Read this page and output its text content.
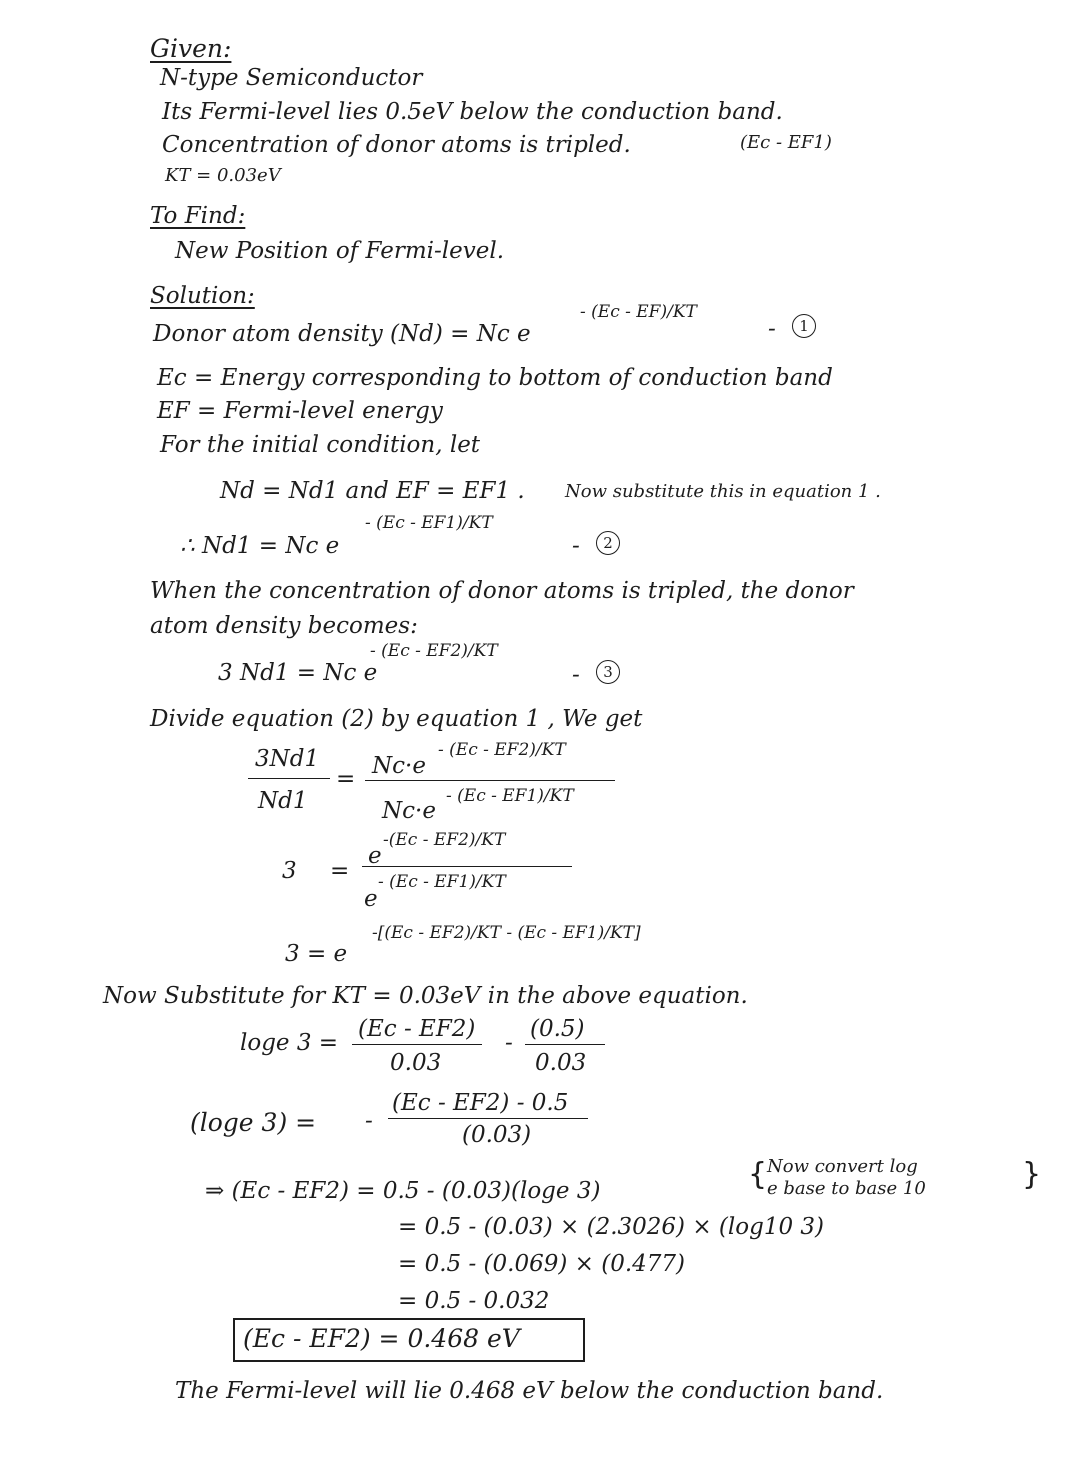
Given:
N-type Semiconductor
Its Fermi-level lies 0.5eV below the conduction band.
Concentration of donor atoms is tripled.	(Ec - EF1)
KT = 0.03eV
To Find:
New Position of Fermi-level.
Solution:
Donor atom density (Nd) = Nc e
- (Ec - EF)/KT
-	1
Ec = Energy corresponding to bottom of conduction band
EF = Fermi-level energy
For the initial condition, let
Nd = Nd1 and EF = EF1 . Now substitute this in equation 1 .
∴ Nd1 = Nc e
- (Ec - EF1)/KT
-	2
When the concentration of donor atoms is tripled, the donor
atom density becomes:
3 Nd1 = Nc e
- (Ec - EF2)/KT
-	3
Divide equation (2) by equation 1 , We get
3Nd1
Nd1
= Nc·e
- (Ec - EF2)/KT
Nc·e
- (Ec - EF1)/KT
3 =
e
-(Ec - EF2)/KT
e
- (Ec - EF1)/KT
3 = e
-[(Ec - EF2)/KT - (Ec - EF1)/KT]
Now Substitute for KT = 0.03eV in the above equation.
loge 3 =
(Ec - EF2)
0.03
-
(0.5)
0.03
(loge 3) = -
(Ec - EF2) - 0.5
(0.03)
⇒ (Ec - EF2) = 0.5 - (0.03)(loge 3)	{ Now convert log
e base to base 10	}
= 0.5 - (0.03) × (2.3026) × (log10 3)
= 0.5 - (0.069) × (0.477)
= 0.5 - 0.032
(Ec - EF2) = 0.468 eV
The Fermi-level will lie 0.468 eV below the conduction band.
